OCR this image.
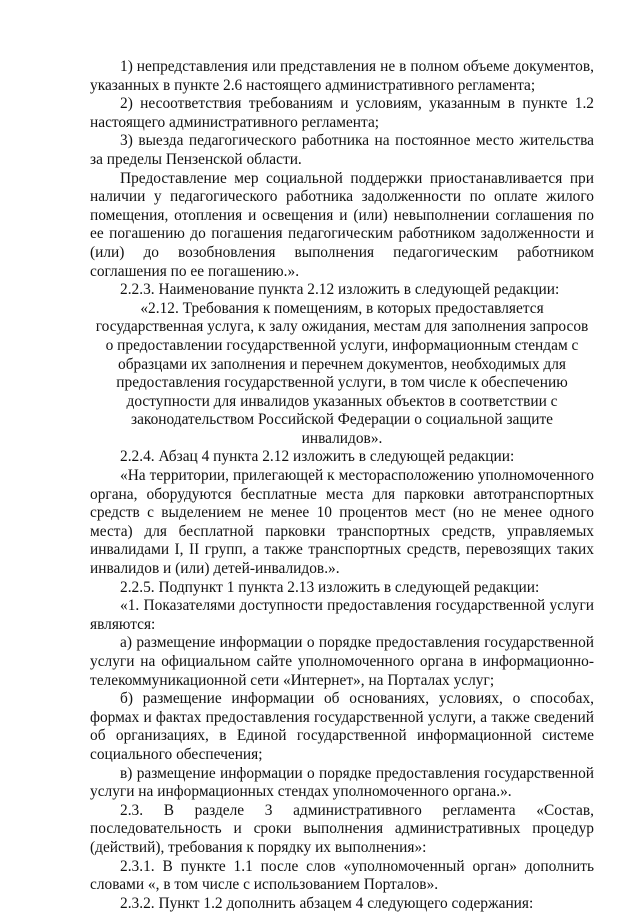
1) непредставления или представления не в полном объеме документов, указанных в пункте 2.6 настоящего административного регламента;

2) несоответствия требованиям и условиям, указанным в пункте 1.2 настоящего административного регламента;

3) выезда педагогического работника на постоянное место жительства за пределы Пензенской области.

Предоставление мер социальной поддержки приостанавливается при наличии у педагогического работника задолженности по оплате жилого помещения, отопления и освещения и (или) невыполнении соглашения по ее погашению до погашения педагогическим работником задолженности и (или) до возобновления выполнения педагогическим работником соглашения по ее погашению.».

2.2.3. Наименование пункта 2.12 изложить в следующей редакции:

«2.12. Требования к помещениям, в которых предоставляется государственная услуга, к залу ожидания, местам для заполнения запросов о предоставлении государственной услуги, информационным стендам с образцами их заполнения и перечнем документов, необходимых для предоставления государственной услуги, в том числе к обеспечению доступности для инвалидов указанных объектов в соответствии с законодательством Российской Федерации о социальной защите инвалидов».

2.2.4. Абзац 4 пункта 2.12 изложить в следующей редакции:

«На территории, прилегающей к месторасположению уполномоченного органа, оборудуются бесплатные места для парковки автотранспортных средств с выделением не менее 10 процентов мест (но не менее одного места) для бесплатной парковки транспортных средств, управляемых инвалидами I, II групп, а также транспортных средств, перевозящих таких инвалидов и (или) детей-инвалидов.».

2.2.5. Подпункт 1 пункта 2.13 изложить в следующей редакции:

«1. Показателями доступности предоставления государственной услуги являются:

а) размещение информации о порядке предоставления государственной услуги на официальном сайте уполномоченного органа в информационно-телекоммуникационной сети «Интернет», на Порталах услуг;

б) размещение информации об основаниях, условиях, о способах, формах и фактах предоставления государственной услуги, а также сведений об организациях, в Единой государственной информационной системе социального обеспечения;

в) размещение информации о порядке предоставления государственной услуги на информационных стендах уполномоченного органа.».

2.3. В разделе 3 административного регламента «Состав, последовательность и сроки выполнения административных процедур (действий), требования к порядку их выполнения»:

2.3.1. В пункте 1.1 после слов «уполномоченный орган» дополнить словами «, в том числе с использованием Порталов».

2.3.2. Пункт 1.2 дополнить абзацем 4 следующего содержания:
